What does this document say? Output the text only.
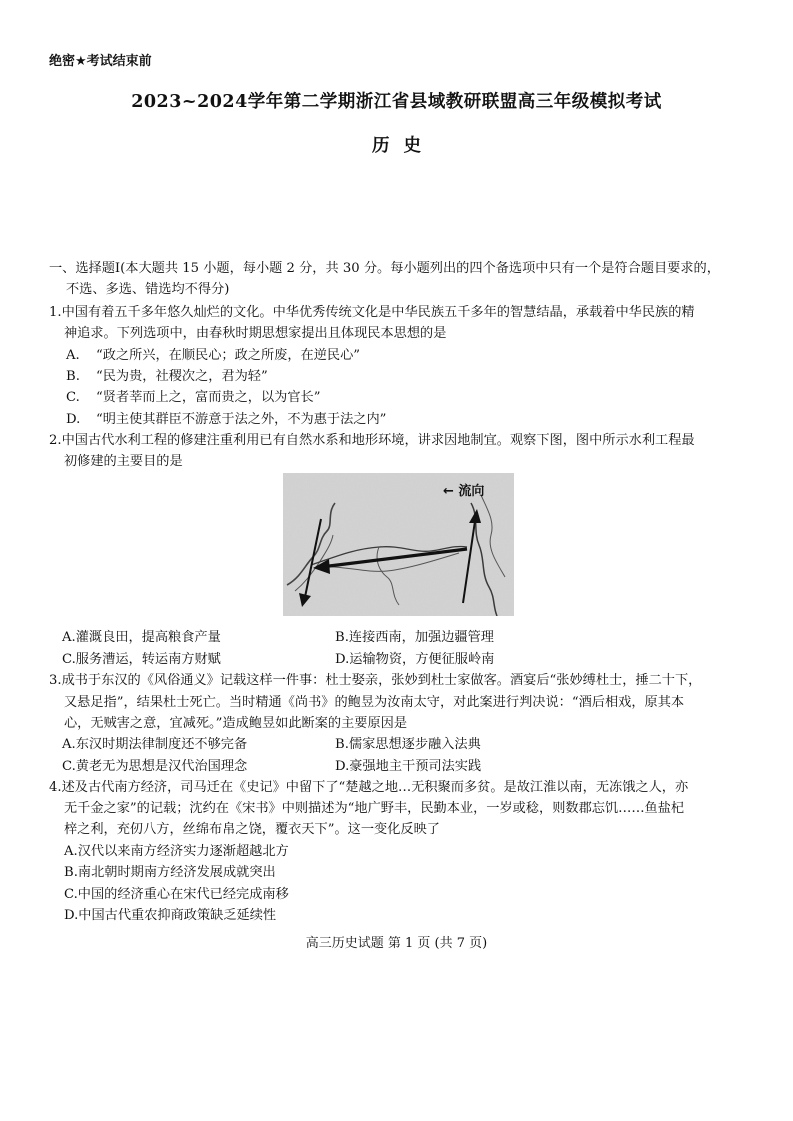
绝密★考试结束前
2023~2024学年第二学期浙江省县域教研联盟高三年级模拟考试
历史
一、选择题Ⅰ(本大题共 15 小题，每小题 2 分，共 30 分。每小题列出的四个备选项中只有一个是符合题目要求的，
不选、多选、错选均不得分)
1.中国有着五千多年悠久灿烂的文化。中华优秀传统文化是中华民族五千多年的智慧结晶，承载着中华民族的精
神追求。下列选项中，由春秋时期思想家提出且体现民本思想的是
A. “政之所兴，在顺民心；政之所废，在逆民心”
B. “民为贵，社稷次之，君为轻”
C. “贤者莘而上之，富而贵之，以为官长”
D. “明主使其群臣不游意于法之外，不为惠于法之内”
2.中国古代水利工程的修建注重利用已有自然水系和地形环境，讲求因地制宜。观察下图，图中所示水利工程最
初修建的主要目的是
← 流向
A.灌溉良田，提高粮食产量	B.连接西南，加强边疆管理
C.服务漕运，转运南方财赋	D.运输物资，方便征服岭南
3.成书于东汉的《风俗通义》记载这样一件事：杜士娶亲，张妙到杜士家做客。酒宴后“张妙缚杜士，捶二十下，
又悬足指”，结果杜士死亡。当时精通《尚书》的鲍昱为汝南太守，对此案进行判决说：“酒后相戏，原其本
心，无贼害之意，宜减死。”造成鲍昱如此断案的主要原因是
A.东汉时期法律制度还不够完备	B.儒家思想逐步融入法典
C.黄老无为思想是汉代治国理念	D.豪强地主干预司法实践
4.述及古代南方经济，司马迁在《史记》中留下了“楚越之地…无积聚而多贫。是故江淮以南，无冻饿之人，亦
无千金之家”的记载；沈约在《宋书》中则描述为“地广野丰，民勤本业，一岁或稔，则数郡忘饥……鱼盐杞
梓之利，充仞八方，丝绵布帛之饶，覆衣天下”。这一变化反映了
A.汉代以来南方经济实力逐渐超越北方
B.南北朝时期南方经济发展成就突出
C.中国的经济重心在宋代已经完成南移
D.中国古代重农抑商政策缺乏延续性
高三历史试题 第 1 页 (共 7 页)
